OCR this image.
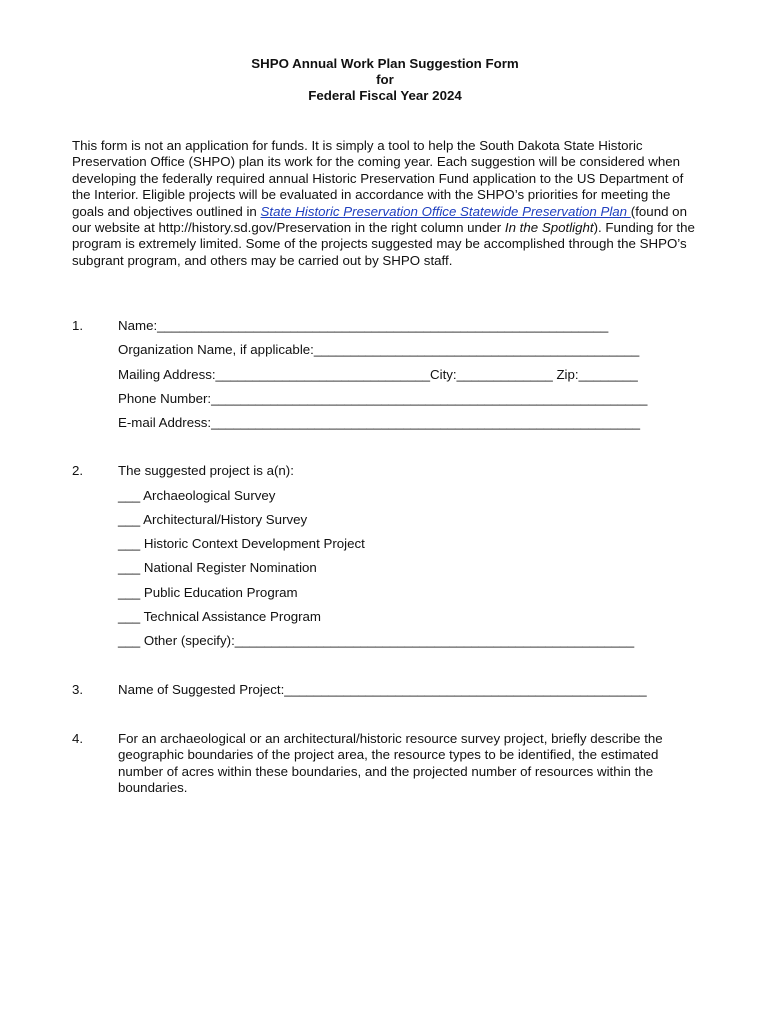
SHPO Annual Work Plan Suggestion Form
for
Federal Fiscal Year 2024
This form is not an application for funds. It is simply a tool to help the South Dakota State Historic Preservation Office (SHPO) plan its work for the coming year. Each suggestion will be considered when developing the federally required annual Historic Preservation Fund application to the US Department of the Interior. Eligible projects will be evaluated in accordance with the SHPO’s priorities for meeting the goals and objectives outlined in State Historic Preservation Office Statewide Preservation Plan (found on our website at http://history.sd.gov/Preservation in the right column under In the Spotlight). Funding for the program is extremely limited. Some of the projects suggested may be accomplished through the SHPO’s subgrant program, and others may be carried out by SHPO staff.
1.	Name:_____________________________________________________________
Organization Name, if applicable:____________________________________________
Mailing Address:_____________________________City:_____________ Zip:________
Phone Number:___________________________________________________________
E-mail Address:__________________________________________________________
2.	The suggested project is a(n):
___ Archaeological Survey
___ Architectural/History Survey
___ Historic Context Development Project
___ National Register Nomination
___ Public Education Program
___ Technical Assistance Program
___ Other (specify):______________________________________________________
3.	Name of Suggested Project:_________________________________________________
4.	For an archaeological or an architectural/historic resource survey project, briefly describe the geographic boundaries of the project area, the resource types to be identified, the estimated number of acres within these boundaries, and the projected number of resources within the boundaries.
